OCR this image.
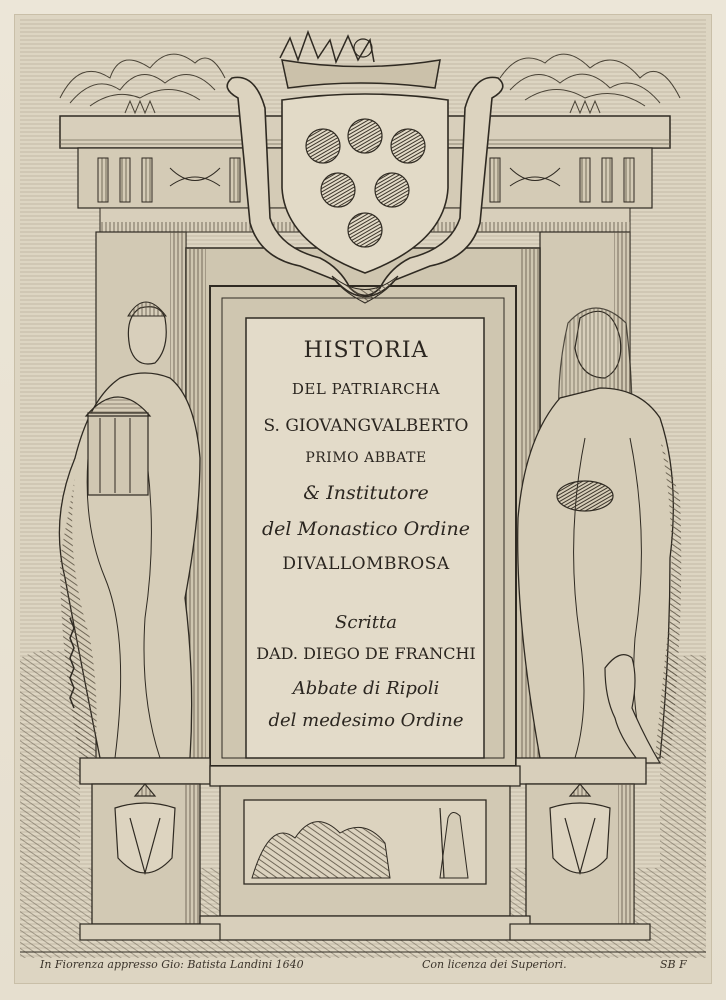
HISTORIA
DEL PATRIARCHA
S. GIOVANGVALBERTO
PRIMO ABBATE
& Institutore
del Monastico Ordine
DIVALLOMBROSA
Scritta
DAD. DIEGO DE FRANCHI
Abbate di Ripoli
del medesimo Ordine
In Fiorenza appresso Gio: Batista Landini 1640	Con licenza dei Superiori.	SB F
